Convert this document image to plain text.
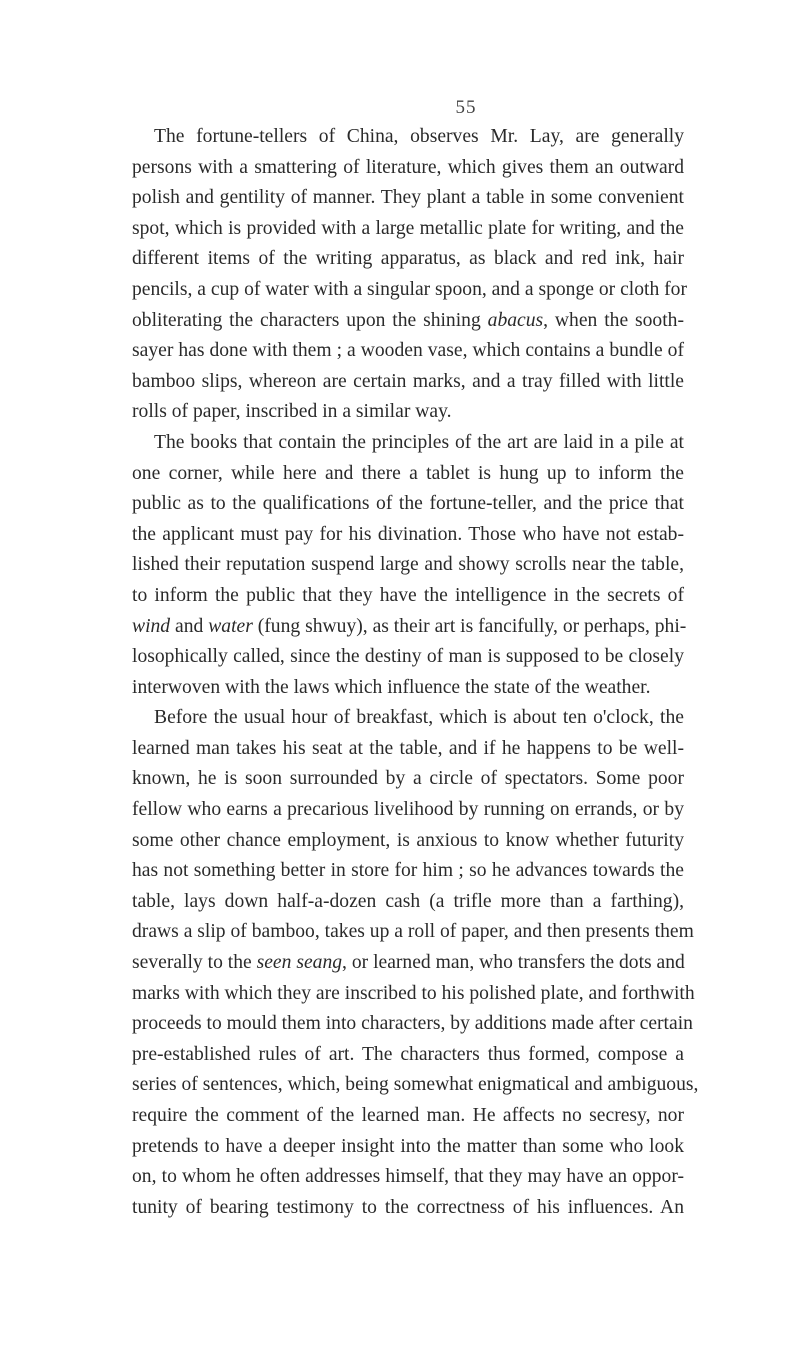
55
The fortune-tellers of China, observes Mr. Lay, are generally
persons with a smattering of literature, which gives them an outward
polish and gentility of manner. They plant a table in some convenient
spot, which is provided with a large metallic plate for writing, and the
different items of the writing apparatus, as black and red ink, hair
pencils, a cup of water with a singular spoon, and a sponge or cloth for
obliterating the characters upon the shining abacus, when the sooth-
sayer has done with them ; a wooden vase, which contains a bundle of
bamboo slips, whereon are certain marks, and a tray filled with little
rolls of paper, inscribed in a similar way.
The books that contain the principles of the art are laid in a pile at
one corner, while here and there a tablet is hung up to inform the
public as to the qualifications of the fortune-teller, and the price that
the applicant must pay for his divination. Those who have not estab-
lished their reputation suspend large and showy scrolls near the table,
to inform the public that they have the intelligence in the secrets of
wind and water (fung shwuy), as their art is fancifully, or perhaps, phi-
losophically called, since the destiny of man is supposed to be closely
interwoven with the laws which influence the state of the weather.
Before the usual hour of breakfast, which is about ten o'clock, the
learned man takes his seat at the table, and if he happens to be well-
known, he is soon surrounded by a circle of spectators. Some poor
fellow who earns a precarious livelihood by running on errands, or by
some other chance employment, is anxious to know whether futurity
has not something better in store for him ; so he advances towards the
table, lays down half-a-dozen cash (a trifle more than a farthing),
draws a slip of bamboo, takes up a roll of paper, and then presents them
severally to the seen seang, or learned man, who transfers the dots and
marks with which they are inscribed to his polished plate, and forthwith
proceeds to mould them into characters, by additions made after certain
pre-established rules of art. The characters thus formed, compose a
series of sentences, which, being somewhat enigmatical and ambiguous,
require the comment of the learned man. He affects no secresy, nor
pretends to have a deeper insight into the matter than some who look
on, to whom he often addresses himself, that they may have an oppor-
tunity of bearing testimony to the correctness of his influences. An
